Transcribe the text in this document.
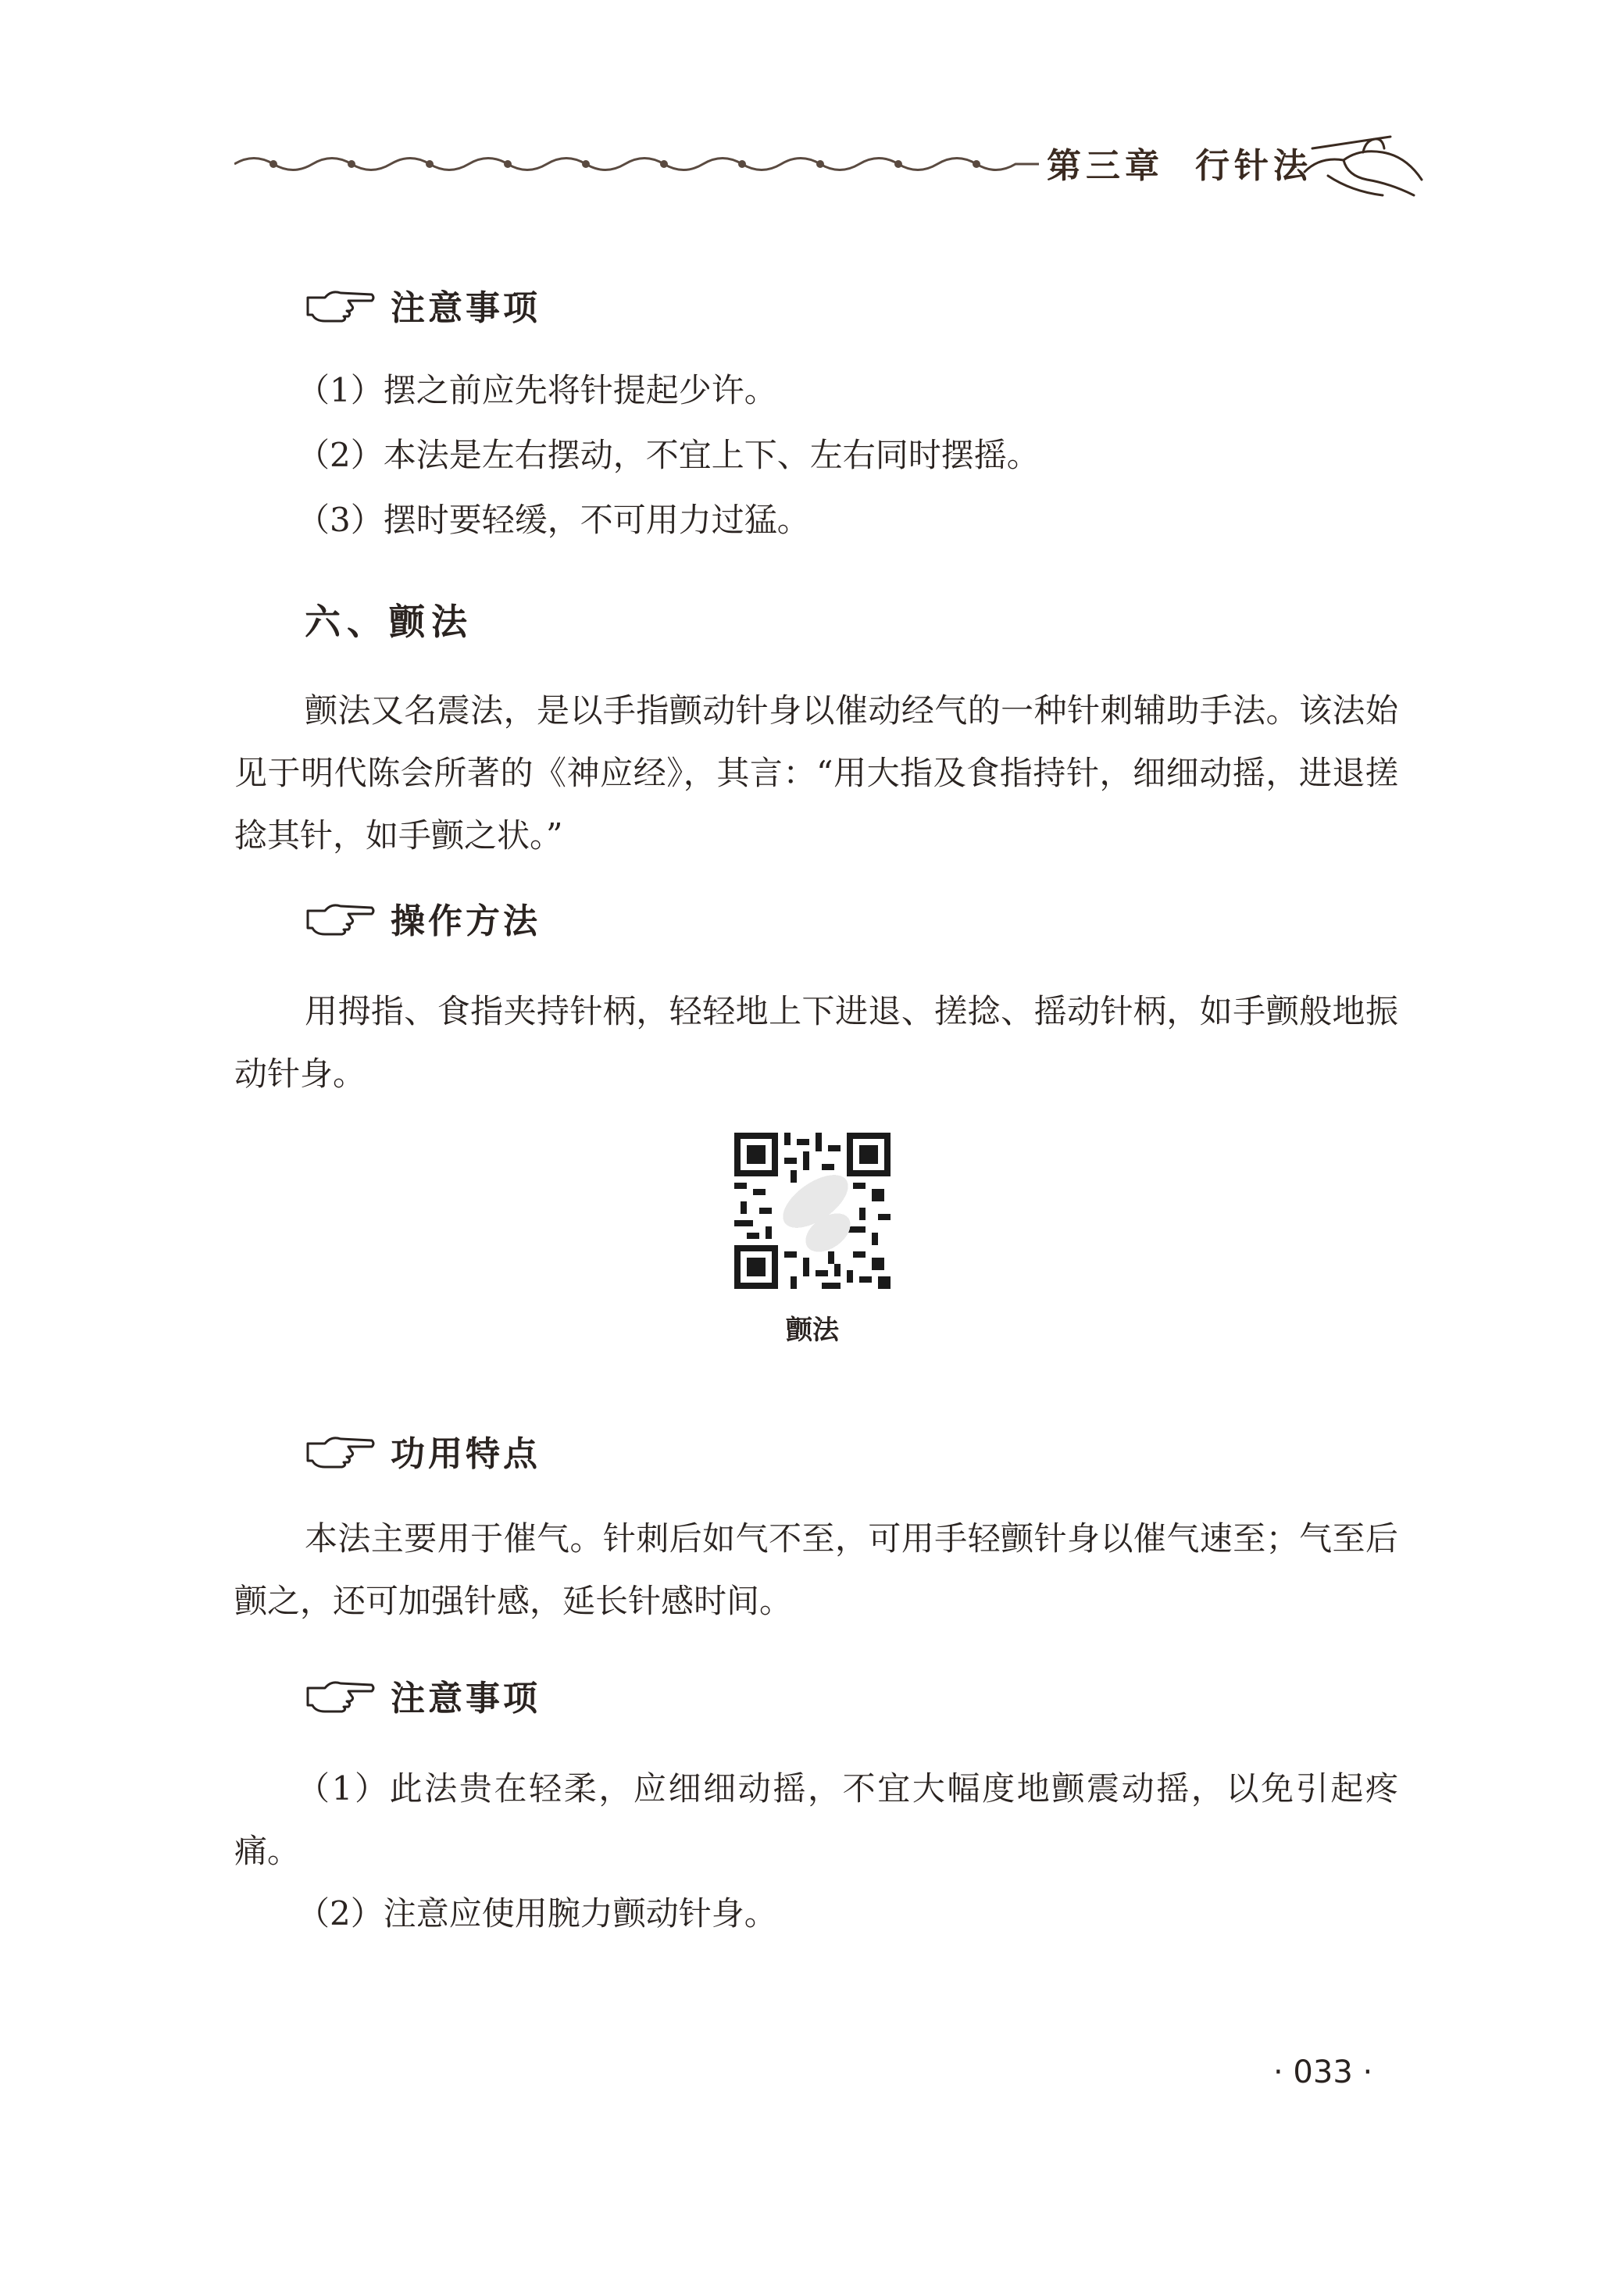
第三章 行针法
注意事项
（1）摆之前应先将针提起少许。
（2）本法是左右摆动，不宜上下、左右同时摆摇。
（3）摆时要轻缓，不可用力过猛。
六、颤法
颤法又名震法，是以手指颤动针身以催动经气的一种针刺辅助手法。该法始见于明代陈会所著的《神应经》，其言：“用大指及食指持针，细细动摇，进退搓捻其针，如手颤之状。”
操作方法
用拇指、食指夹持针柄，轻轻地上下进退、搓捻、摇动针柄，如手颤般地振动针身。
颤法
功用特点
本法主要用于催气。针刺后如气不至，可用手轻颤针身以催气速至；气至后颤之，还可加强针感，延长针感时间。
注意事项
（1）此法贵在轻柔，应细细动摇，不宜大幅度地颤震动摇，以免引起疼痛。
（2）注意应使用腕力颤动针身。
· 033 ·
